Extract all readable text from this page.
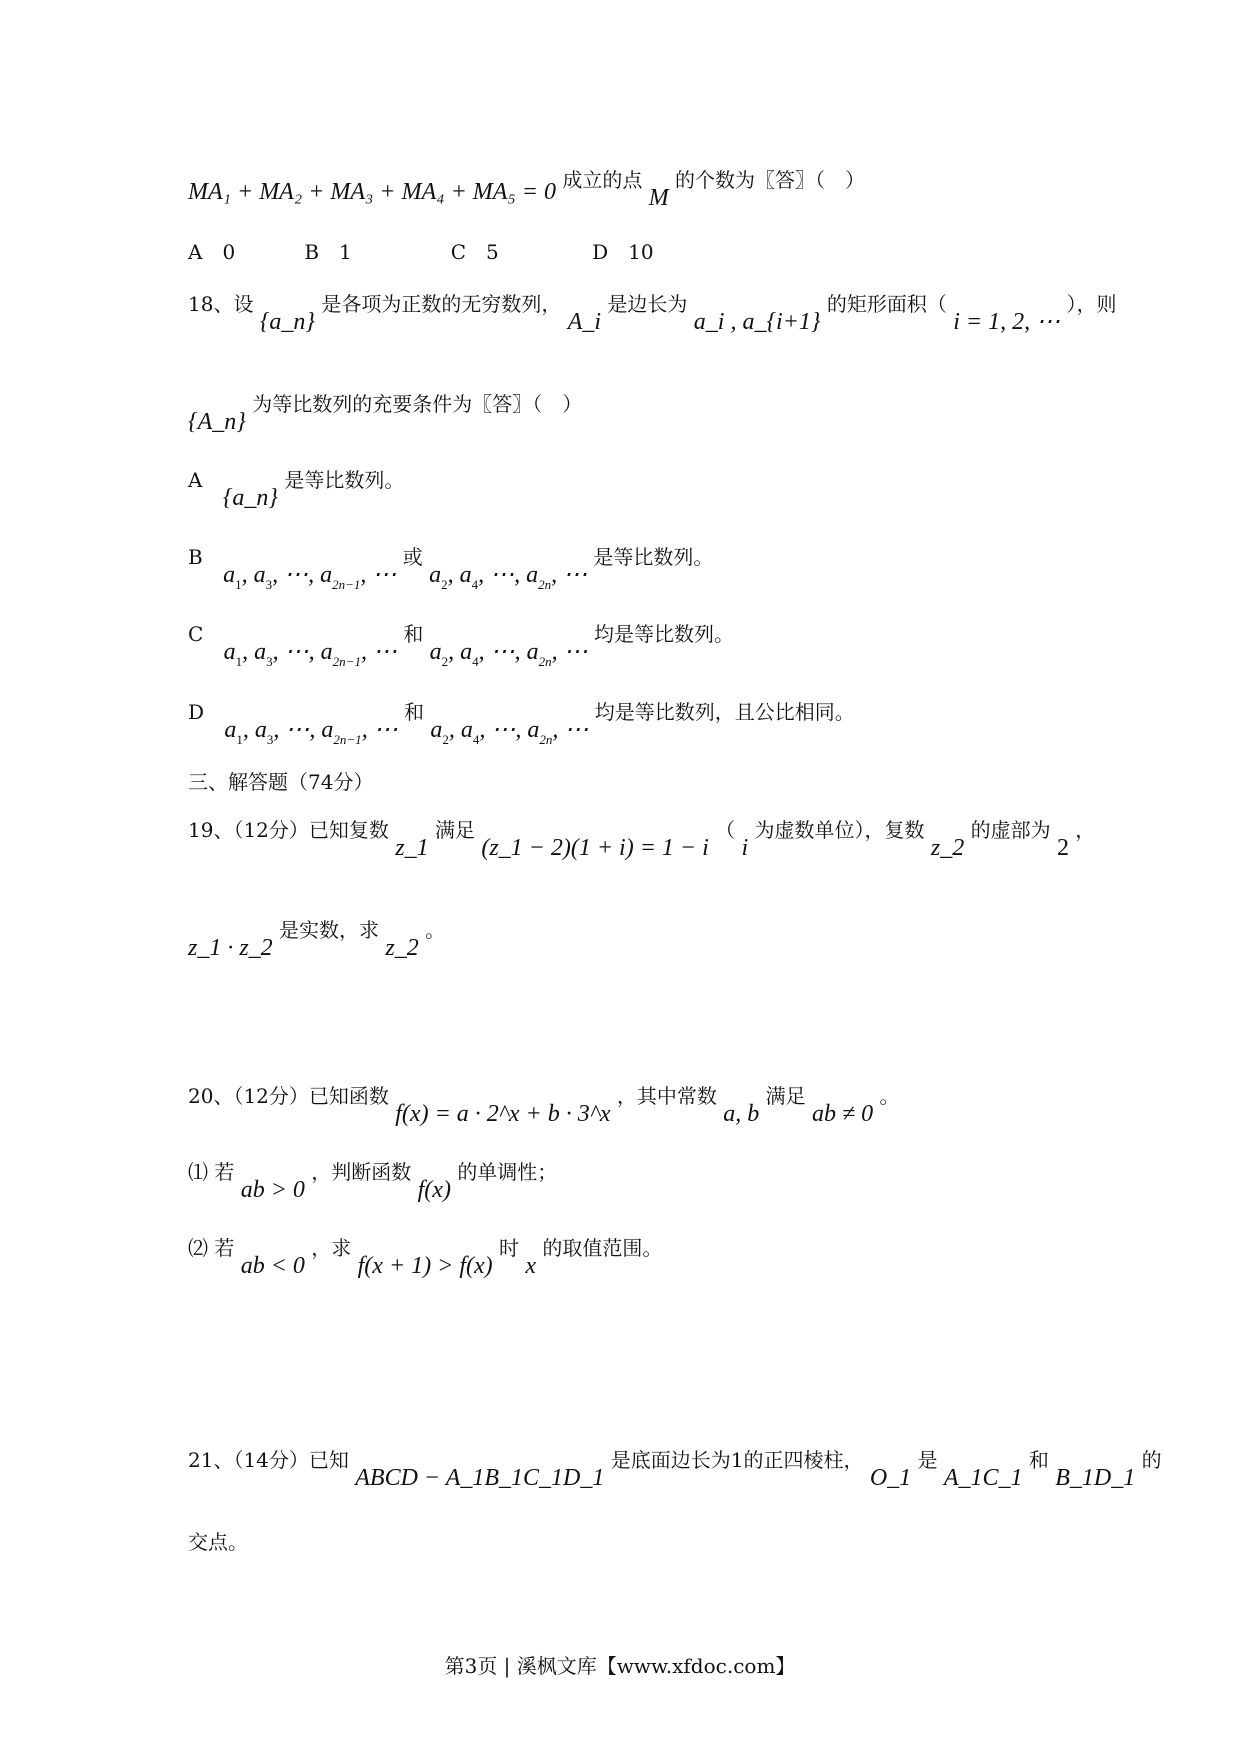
MA₁ + MA₂ + MA₃ + MA₄ + MA₅ = 0 成立的点 M 的个数为〖答〗（　）
A　0	B　1	C　5	D　10
18、设 {a_n} 是各项为正数的无穷数列， A_i 是边长为 a_i , a_{i+1} 的矩形面积（ i = 1, 2, ⋯ ），则
{A_n} 为等比数列的充要条件为〖答〗（　）
A {a_n} 是等比数列。
B $a_1$, $a_3$, ⋯, $a_{2n-1}$, ⋯ 或 $a_2$, $a_4$, ⋯, $a_{2n}$, ⋯ 是等比数列。
C $a_1$, $a_3$, ⋯, $a_{2n-1}$, ⋯ 和 $a_2$, $a_4$, ⋯, $a_{2n}$, ⋯ 均是等比数列。
D $a_1$, $a_3$, ⋯, $a_{2n-1}$, ⋯ 和 $a_2$, $a_4$, ⋯, $a_{2n}$, ⋯ 均是等比数列，且公比相同。
三、解答题（74分）
19、（12分）已知复数 z_1 满足 (z_1 − 2)(1 + i) = 1 − i （ i 为虚数单位），复数 z_2 的虚部为 2 ，
z_1 · z_2 是实数，求 z_2 。
20、（12分）已知函数 f(x) = a · 2^x + b · 3^x ，其中常数 a, b 满足 ab ≠ 0 。
⑴ 若 ab > 0 ，判断函数 f(x) 的单调性；
⑵ 若 ab < 0 ，求 f(x + 1) > f(x) 时 x 的取值范围。
21、（14分）已知 ABCD − A_1B_1C_1D_1 是底面边长为1的正四棱柱， O_1 是 A_1C_1 和 B_1D_1 的
交点。
第3页 | 溪枫文库【www.xfdoc.com】
